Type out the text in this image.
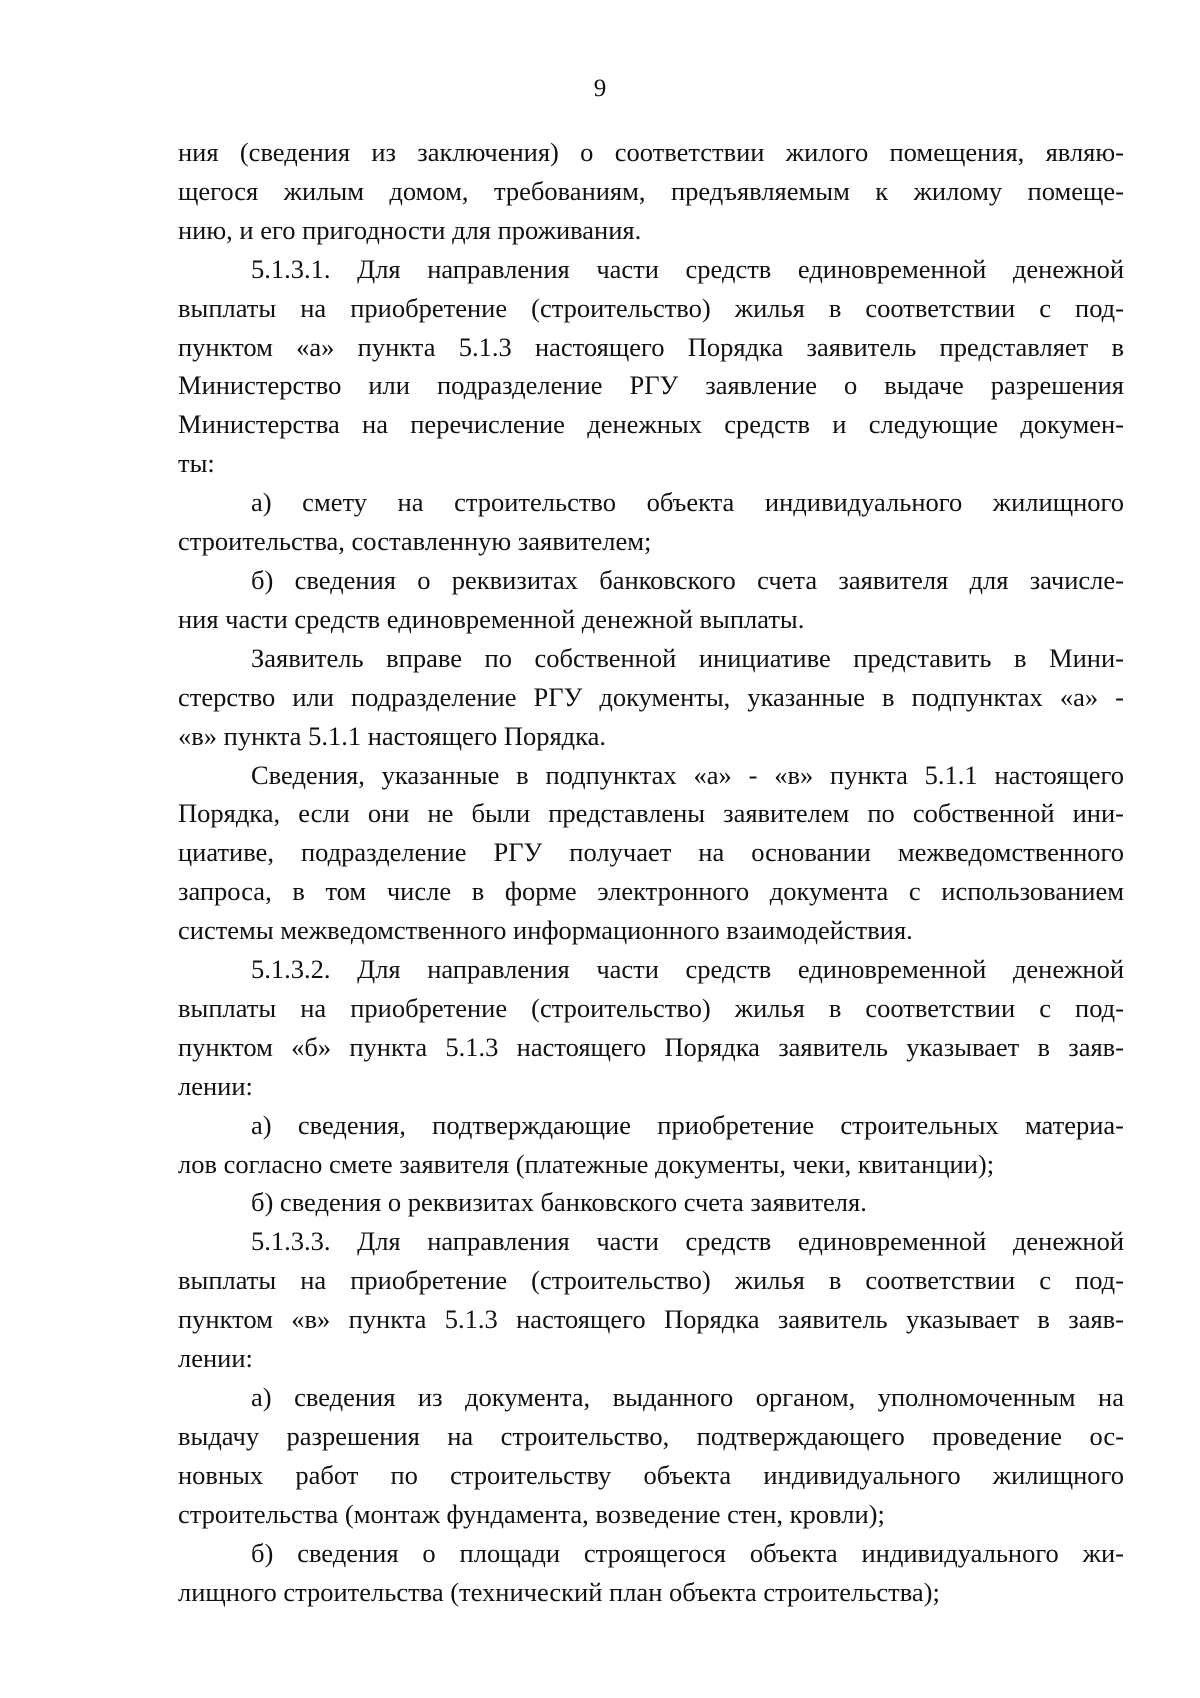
9
ния (сведения из заключения) о соответствии жилого помещения, являю-
щегося жилым домом, требованиям, предъявляемым к жилому помеще-
нию, и его пригодности для проживания.
5.1.3.1. Для направления части средств единовременной денежной
выплаты на приобретение (строительство) жилья в соответствии с под-
пунктом «а» пункта 5.1.3 настоящего Порядка заявитель представляет в
Министерство или подразделение РГУ заявление о выдаче разрешения
Министерства на перечисление денежных средств и следующие докумен-
ты:
а) смету на строительство объекта индивидуального жилищного
строительства, составленную заявителем;
б) сведения о реквизитах банковского счета заявителя для зачисле-
ния части средств единовременной денежной выплаты.
Заявитель вправе по собственной инициативе представить в Мини-
стерство или подразделение РГУ документы, указанные в подпунктах «а» -
«в» пункта 5.1.1 настоящего Порядка.
Сведения, указанные в подпунктах «а» - «в» пункта 5.1.1 настоящего
Порядка, если они не были представлены заявителем по собственной ини-
циативе, подразделение РГУ получает на основании межведомственного
запроса, в том числе в форме электронного документа с использованием
системы межведомственного информационного взаимодействия.
5.1.3.2. Для направления части средств единовременной денежной
выплаты на приобретение (строительство) жилья в соответствии с под-
пунктом «б» пункта 5.1.3 настоящего Порядка заявитель указывает в заяв-
лении:
а) сведения, подтверждающие приобретение строительных материа-
лов согласно смете заявителя (платежные документы, чеки, квитанции);
б) сведения о реквизитах банковского счета заявителя.
5.1.3.3. Для направления части средств единовременной денежной
выплаты на приобретение (строительство) жилья в соответствии с под-
пунктом «в» пункта 5.1.3 настоящего Порядка заявитель указывает в заяв-
лении:
а) сведения из документа, выданного органом, уполномоченным на
выдачу разрешения на строительство, подтверждающего проведение ос-
новных работ по строительству объекта индивидуального жилищного
строительства (монтаж фундамента, возведение стен, кровли);
б) сведения о площади строящегося объекта индивидуального жи-
лищного строительства (технический план объекта строительства);
